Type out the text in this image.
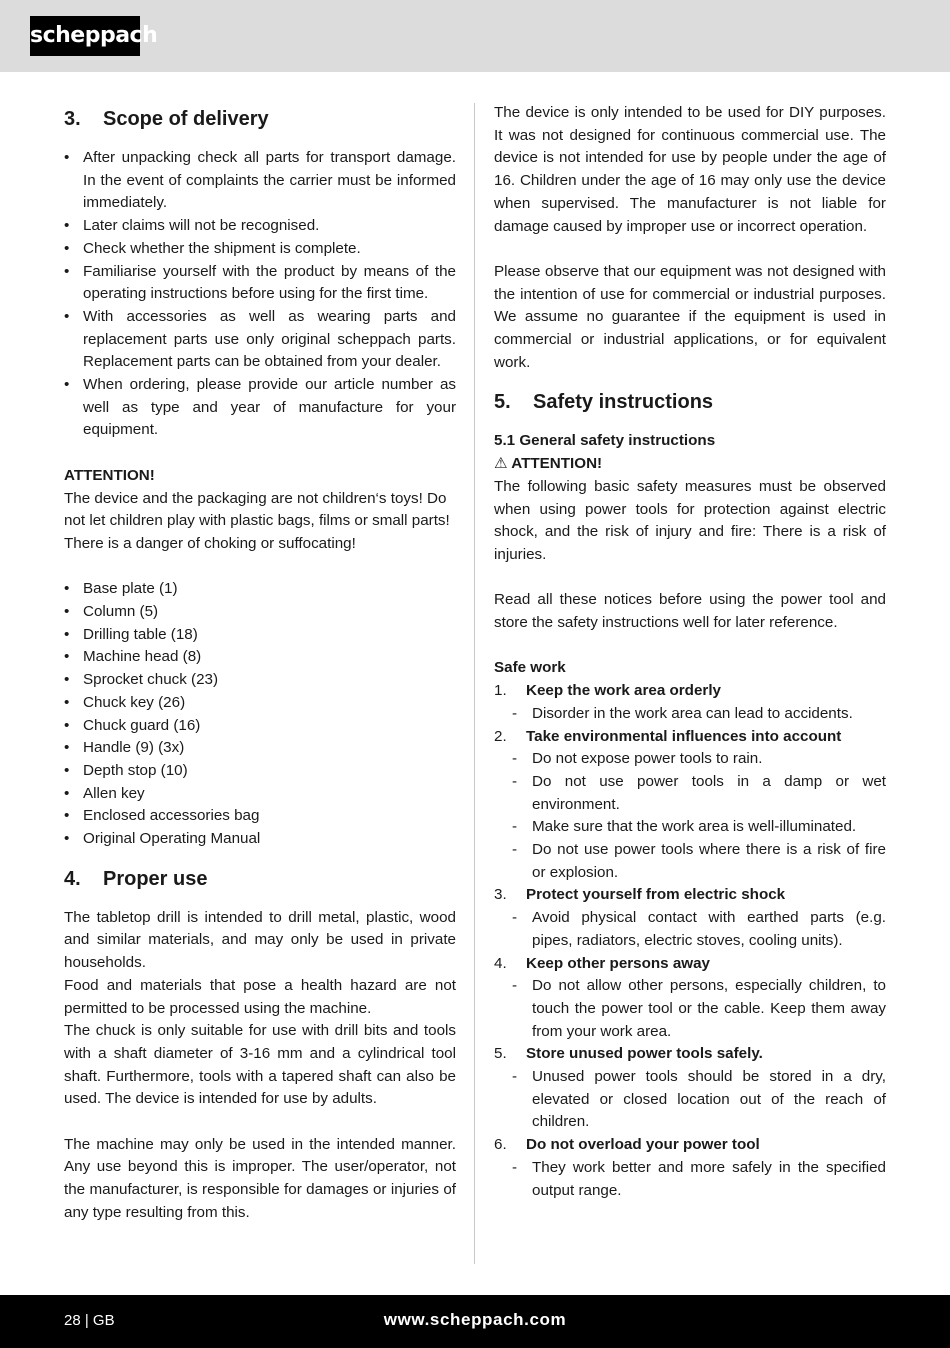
scheppach
3.	Scope of delivery
• After unpacking check all parts for transport damage. In the event of complaints the carrier must be informed immediately.
• Later claims will not be recognised.
• Check whether the shipment is complete.
• Familiarise yourself with the product by means of the operating instructions before using for the first time.
• With accessories as well as wearing parts and replacement parts use only original scheppach parts. Replacement parts can be obtained from your dealer.
• When ordering, please provide our article number as well as type and year of manufacture for your equipment.

ATTENTION!

The device and the packaging are not children‘s toys! Do not let children play with plastic bags, films or small parts! There is a danger of choking or suffocating!

• Base plate (1)
• Column (5)
• Drilling table (18)
• Machine head (8)
• Sprocket chuck (23)
• Chuck key (26)
• Chuck guard (16)
• Handle (9) (3x)
• Depth stop (10)
• Allen key
• Enclosed accessories bag
• Original Operating Manual
4.	Proper use

The tabletop drill is intended to drill metal, plastic, wood and similar materials, and may only be used in private households.

Food and materials that pose a health hazard are not permitted to be processed using the machine.

The chuck is only suitable for use with drill bits and tools with a shaft diameter of 3-16 mm and a cylindrical tool shaft. Furthermore, tools with a tapered shaft can also be used. The device is intended for use by adults.

The machine may only be used in the intended manner. Any use beyond this is improper. The user/operator, not the manufacturer, is responsible for damages or injuries of any type resulting from this.

The device is only intended to be used for DIY purposes. It was not designed for continuous commercial use. The device is not intended for use by people under the age of 16. Children under the age of 16 may only use the device when supervised. The manufacturer is not liable for damage caused by improper use or incorrect operation.

Please observe that our equipment was not designed with the intention of use for commercial or industrial purposes. We assume no guarantee if the equipment is used in commercial or industrial applications, or for equivalent work.

5.	Safety instructions

5.1 General safety instructions

⚠ ATTENTION!

The following basic safety measures must be observed when using power tools for protection against electric shock, and the risk of injury and fire: There is a risk of injuries.

Read all these notices before using the power tool and store the safety instructions well for later reference.

Safe work

1.	Keep the work area orderly
- Disorder in the work area can lead to accidents.
2.	Take environmental influences into account
- Do not expose power tools to rain.
- Do not use power tools in a damp or wet environment.
- Make sure that the work area is well-illuminated.
- Do not use power tools where there is a risk of fire or explosion.
3.	Protect yourself from electric shock
- Avoid physical contact with earthed parts (e.g. pipes, radiators, electric stoves, cooling units).
4.	Keep other persons away
- Do not allow other persons, especially children, to touch the power tool or the cable. Keep them away from your work area.
5.	Store unused power tools safely.
- Unused power tools should be stored in a dry, elevated or closed location out of the reach of children.
6.	Do not overload your power tool
- They work better and more safely in the specified output range.
28 | GB	www.scheppach.com
